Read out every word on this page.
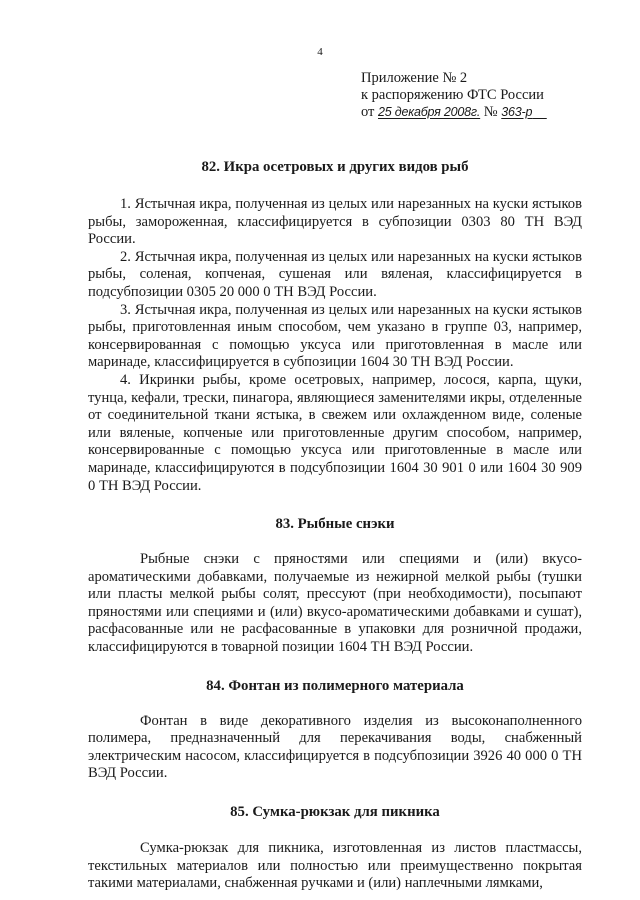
4
Приложение № 2
к распоряжению ФТС России
от 25 декабря 2008г. № 363-р
82. Икра осетровых и других видов рыб

1. Ястычная икра, полученная из целых или нарезанных на куски ястыков рыбы, замороженная, классифицируется в субпозиции 0303 80 ТН ВЭД России.

2. Ястычная икра, полученная из целых или нарезанных на куски ястыков рыбы, соленая, копченая, сушеная или вяленая, классифицируется в подсубпозиции 0305 20 000 0 ТН ВЭД России.

3. Ястычная икра, полученная из целых или нарезанных на куски ястыков рыбы, приготовленная иным способом, чем указано в группе 03, например, консервированная с помощью уксуса или приготовленная в масле или маринаде, классифицируется в субпозиции 1604 30 ТН ВЭД России.

4. Икринки рыбы, кроме осетровых, например, лосося, карпа, щуки, тунца, кефали, трески, пинагора, являющиеся заменителями икры, отделенные от соединительной ткани ястыка, в свежем или охлажденном виде, соленые или вяленые, копченые или приготовленные другим способом, например, консервированные с помощью уксуса или приготовленные в масле или маринаде, классифицируются в подсубпозиции 1604 30 901 0 или 1604 30 909 0 ТН ВЭД России.

83. Рыбные снэки

Рыбные снэки с пряностями или специями и (или) вкусо-ароматическими добавками, получаемые из нежирной мелкой рыбы (тушки или пласты мелкой рыбы солят, прессуют (при необходимости), посыпают пряностями или специями и (или) вкусо-ароматическими добавками и сушат), расфасованные или не расфасованные в упаковки для розничной продажи, классифицируются в товарной позиции 1604 ТН ВЭД России.

84. Фонтан из полимерного материала

Фонтан в виде декоративного изделия из высоконаполненного полимера, предназначенный для перекачивания воды, снабженный электрическим насосом, классифицируется в подсубпозиции 3926 40 000 0 ТН ВЭД России.

85. Сумка-рюкзак для пикника

Сумка-рюкзак для пикника, изготовленная из листов пластмассы, текстильных материалов или полностью или преимущественно покрытая такими материалами, снабженная ручками и (или) наплечными лямками,
